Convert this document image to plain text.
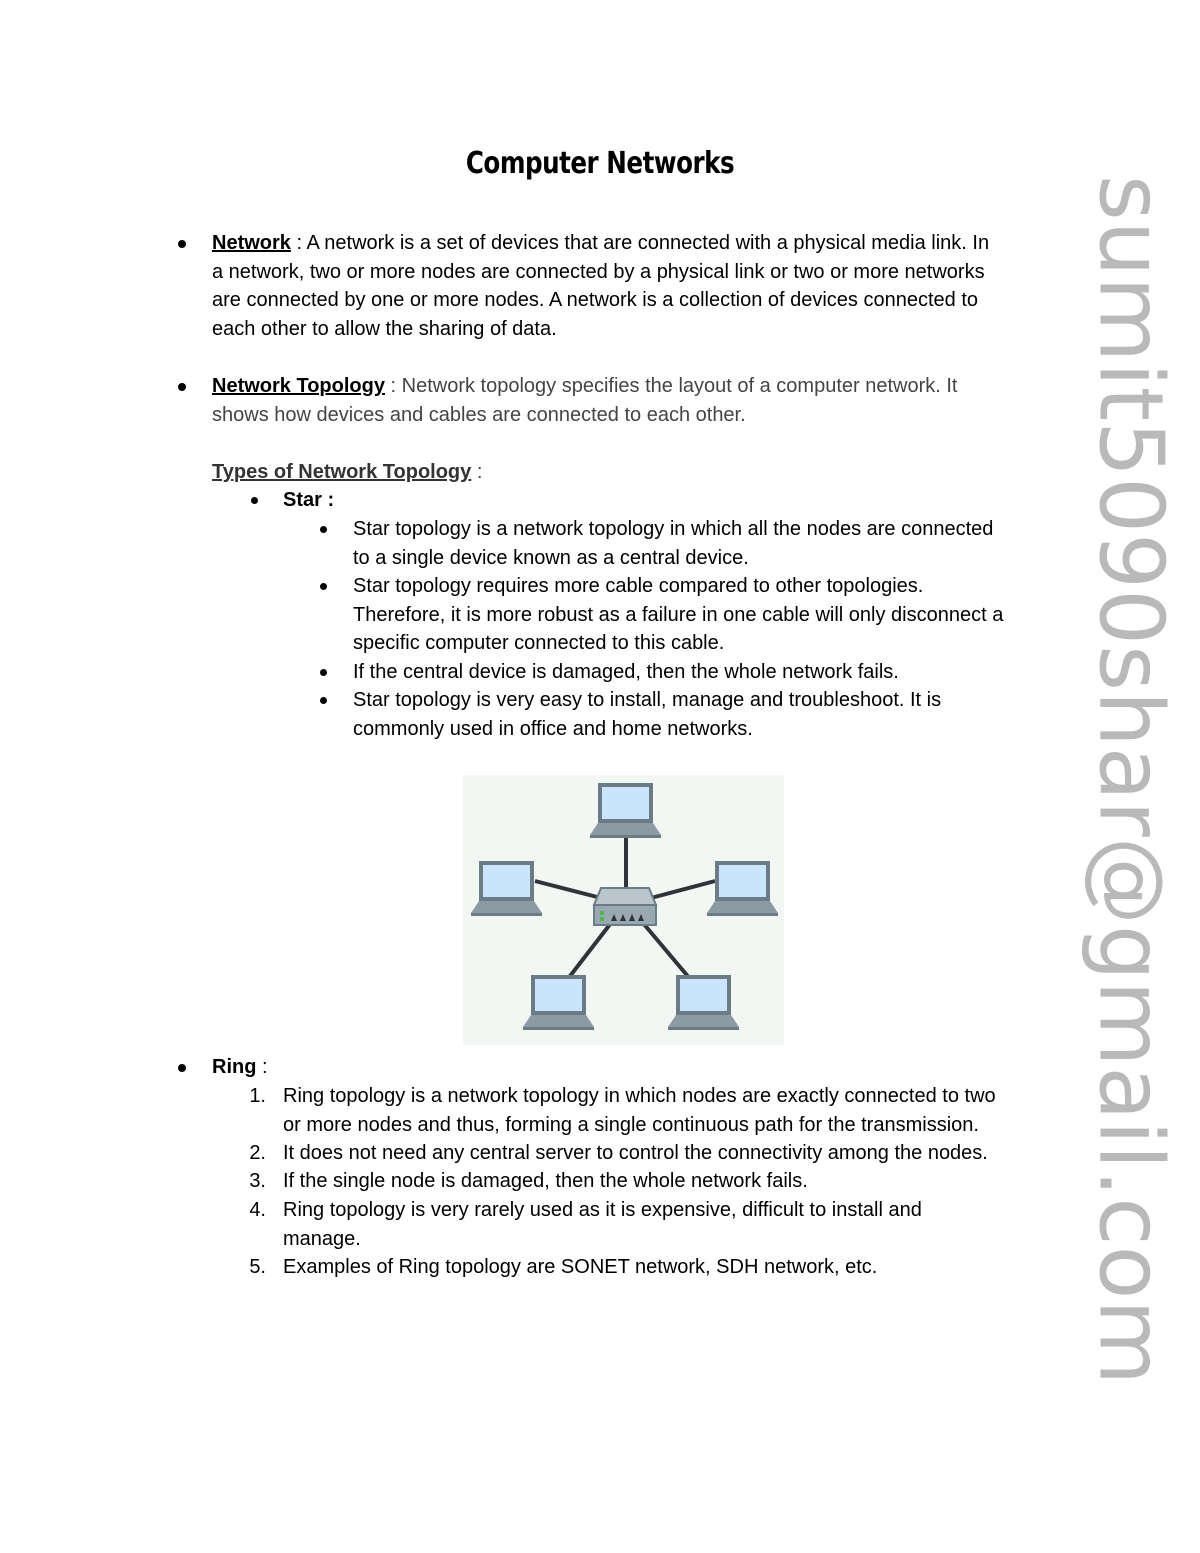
Computer Networks
Network : A network is a set of devices that are connected with a physical media link. In
a network, two or more nodes are connected by a physical link or two or more networks
are connected by one or more nodes. A network is a collection of devices connected to
each other to allow the sharing of data.
Network Topology : Network topology specifies the layout of a computer network. It
shows how devices and cables are connected to each other.
Types of Network Topology :
Star :
Star topology is a network topology in which all the nodes are connected
to a single device known as a central device.
Star topology requires more cable compared to other topologies.
Therefore, it is more robust as a failure in one cable will only disconnect a
specific computer connected to this cable.
If the central device is damaged, then the whole network fails.
Star topology is very easy to install, manage and troubleshoot. It is
commonly used in office and home networks.
Ring :
1. Ring topology is a network topology in which nodes are exactly connected to two
or more nodes and thus, forming a single continuous path for the transmission.
2. It does not need any central server to control the connectivity among the nodes.
3. If the single node is damaged, then the whole network fails.
4. Ring topology is very rarely used as it is expensive, difficult to install and
manage.
5. Examples of Ring topology are SONET network, SDH network, etc.	sumit5090shar@gmail.com
